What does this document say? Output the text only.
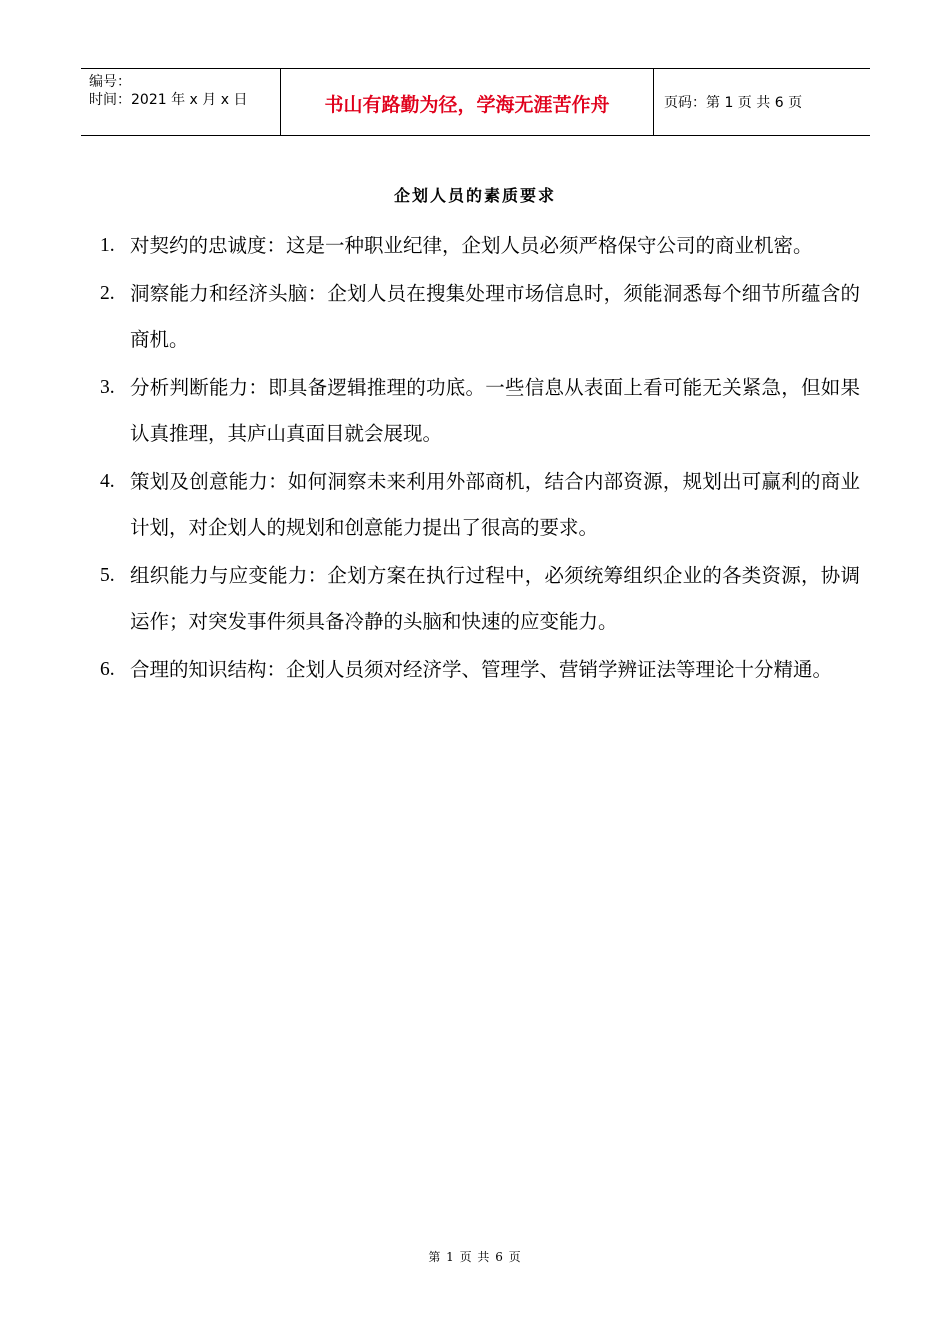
编号：
时间：2021 年 x 月 x 日	书山有路勤为径，学海无涯苦作舟	页码：第 1 页 共 6 页
企划人员的素质要求
1. 对契约的忠诚度：这是一种职业纪律，企划人员必须严格保守公司的商业机密。
2. 洞察能力和经济头脑：企划人员在搜集处理市场信息时，须能洞悉每个细节所蕴含的商机。
3. 分析判断能力：即具备逻辑推理的功底。一些信息从表面上看可能无关紧急，但如果认真推理，其庐山真面目就会展现。
4. 策划及创意能力：如何洞察未来利用外部商机，结合内部资源，规划出可赢利的商业计划，对企划人的规划和创意能力提出了很高的要求。
5. 组织能力与应变能力：企划方案在执行过程中，必须统筹组织企业的各类资源，协调运作；对突发事件须具备冷静的头脑和快速的应变能力。
6. 合理的知识结构：企划人员须对经济学、管理学、营销学辨证法等理论十分精通。
第 1 页 共 6 页
